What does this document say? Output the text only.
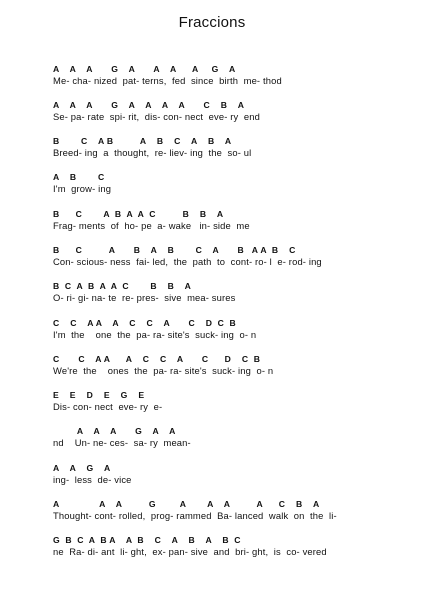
Fraccions
A    A    A       G    A       A    A      A     G    A
Me- cha- nized  pat- terns,  fed  since  birth  me- thod
A    A    A       G    A    A    A    A       C    B    A
Se- pa- rate  spi- rit,  dis- con- nect  eve- ry  end
B        C    A B          A    B    C    A    B    A
Breed- ing  a  thought,  re- liev- ing  the  so- ul
A    B        C
I'm  grow- ing
B      C        A  B  A  A  C          B    B    A
Frag- ments  of  ho- pe  a- wake   in- side  me
B      C          A       B    A    B        C    A       B   A A  B    C
Con- scious- ness  fai- led,  the  path  to  cont- ro- l  e- rod- ing
B  C  A  B  A  A  C        B    B    A
O- ri- gi- na- te  re- pres-  sive  mea- sures
C    C    A A    A    C    C    A       C    D  C  B
I'm  the    one  the  pa- ra- site's  suck- ing  o- n
C       C    A A      A    C    C    A       C      D    C  B
We're  the    ones  the  pa- ra- site's  suck- ing  o- n
E    E    D    E    G    E
Dis- con- nect  eve- ry  e-
A    A    A       G    A    A
nd    Un- ne- ces-  sa- ry  mean-
A    A    G    A
ing-  less  de- vice
A               A    A          G         A        A    A          A      C    B    A
Thought- cont- rolled,  prog- rammed  Ba- lanced  walk  on  the  li-
G  B  C  A  B A    A  B    C    A    B    A    B  C
ne  Ra- di- ant  li- ght,  ex- pan- sive  and  bri- ght,  is  co- vered
